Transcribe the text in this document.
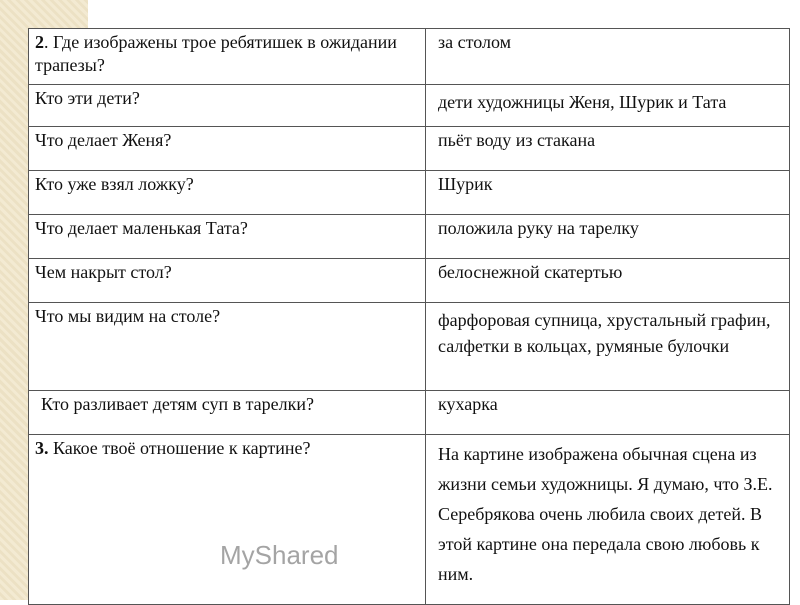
2. Где изображены трое ребятишек в ожидании трапезы?	за столом
Кто эти дети?	дети художницы Женя, Шурик и Тата
Что делает Женя?	пьёт воду из стакана
Кто уже взял ложку?	Шурик
Что делает маленькая Тата?	положила руку на тарелку
Чем накрыт стол?	белоснежной скатертью
Что мы видим на столе?	фарфоровая супница, хрустальный графин, салфетки в кольцах, румяные булочки
Кто разливает детям суп в тарелки?	кухарка
3. Какое твоё отношение к картине?	На картине изображена обычная сцена из жизни семьи художницы. Я думаю, что З.Е. Серебрякова очень любила своих детей. В этой картине она передала свою любовь к ним.
MyShared
